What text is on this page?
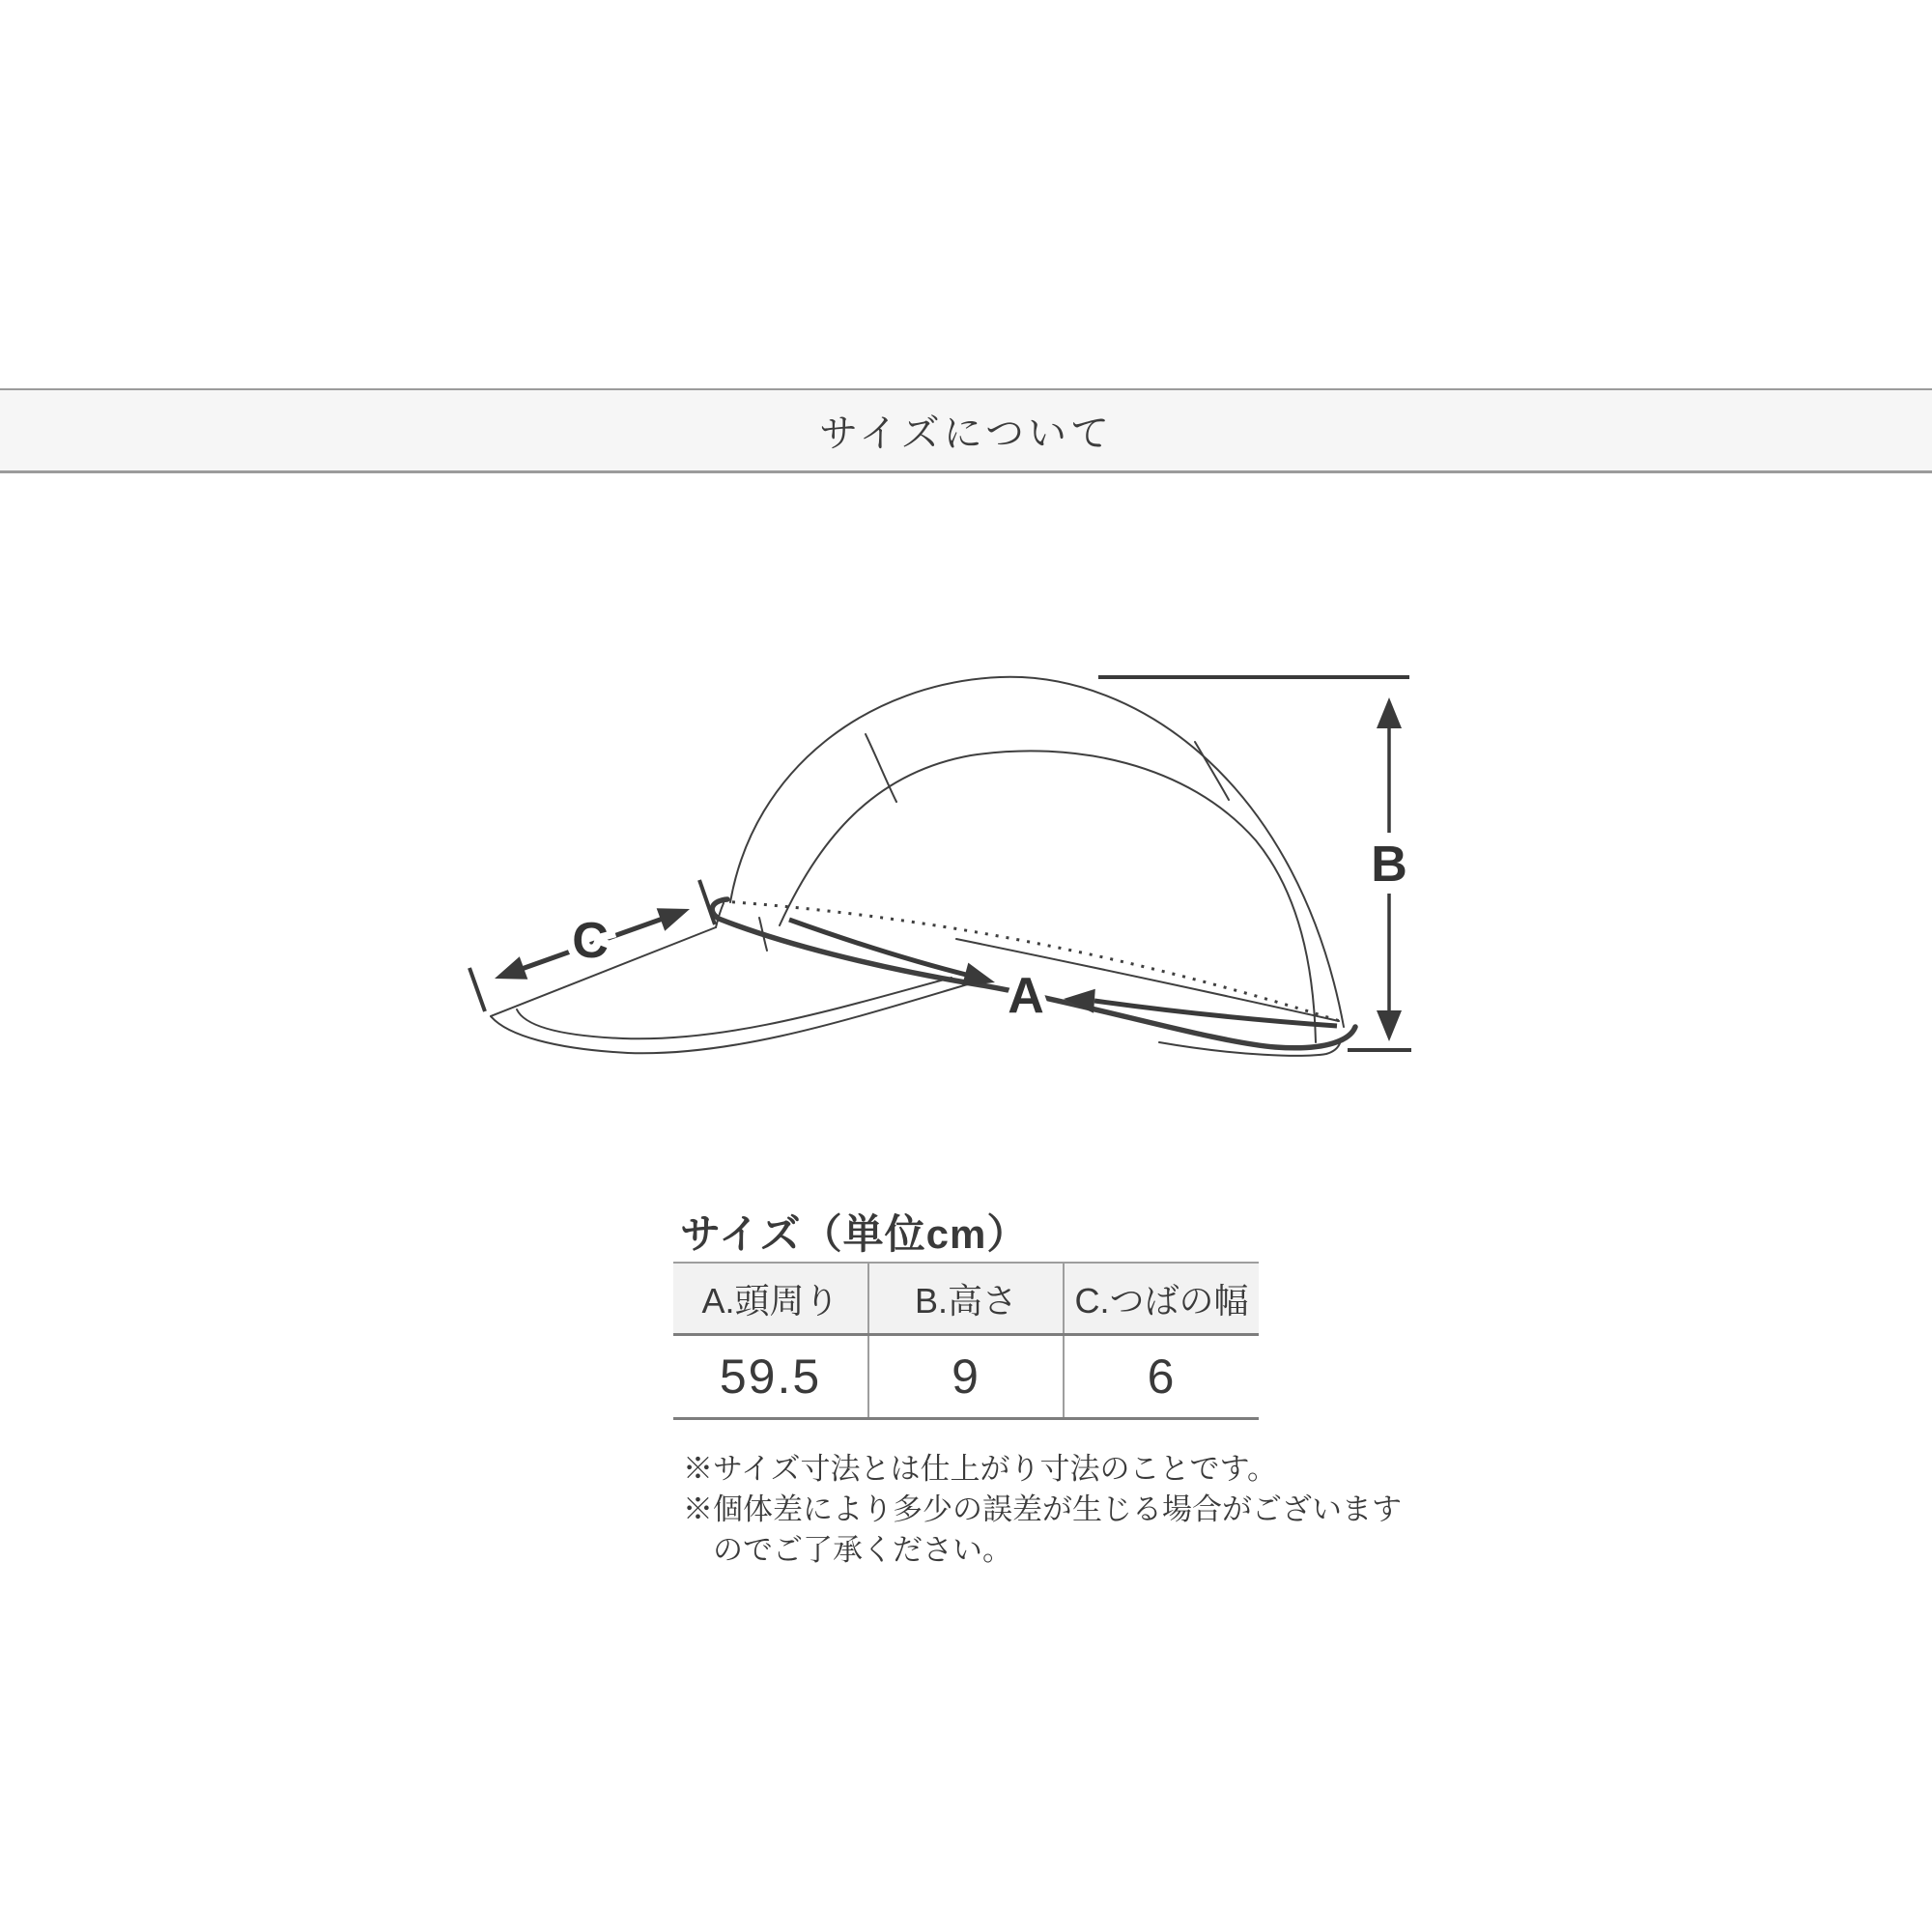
サイズについて
B
A
C
サイズ（単位cm）
A.頭周り	B.高さ	C.つばの幅
59.5	9	6
※サイズ寸法とは仕上がり寸法のことです。
※個体差により多少の誤差が生じる場合がございます
　のでご了承ください。
